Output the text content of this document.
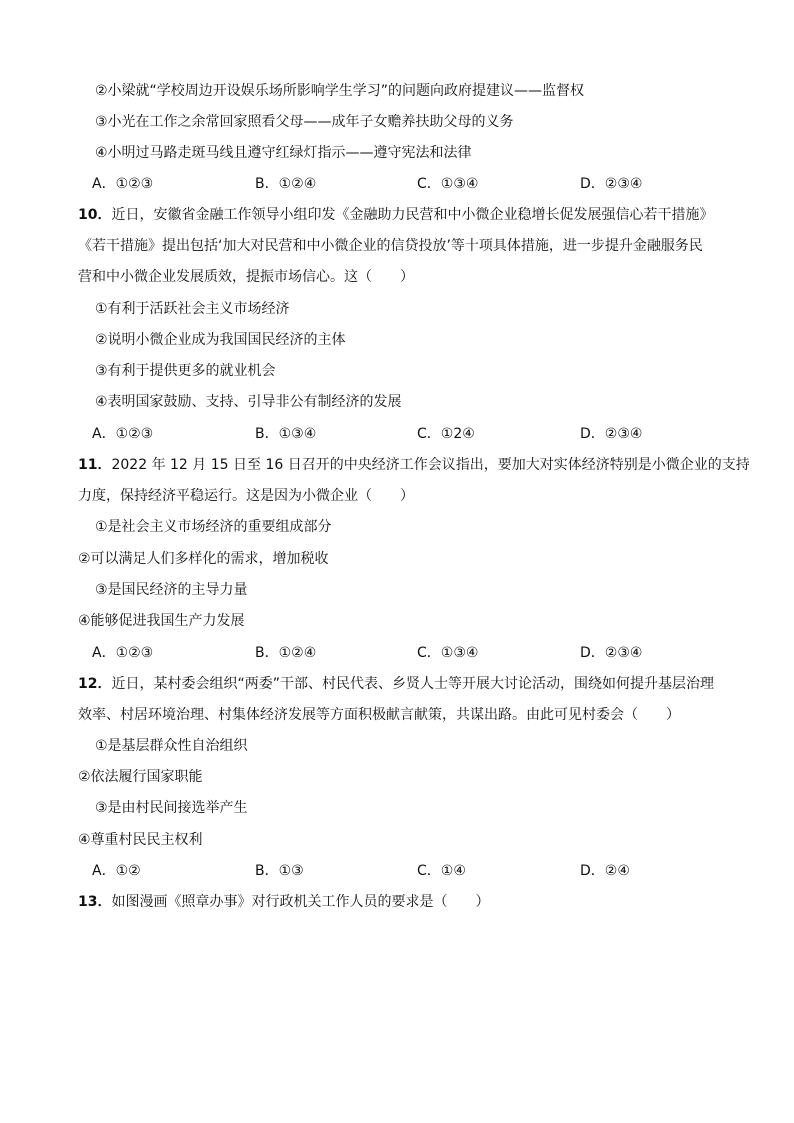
②小梁就“学校周边开设娱乐场所影响学生学习”的问题向政府提建议——监督权
③小光在工作之余常回家照看父母——成年子女赡养扶助父母的义务
④小明过马路走斑马线且遵守红绿灯指示——遵守宪法和法律
A．①②③	B．①②④	C．①③④	D．②③④
10．近日，安徽省金融工作领导小组印发《金融助力民营和中小微企业稳增长促发展强信心若干措施》
《若干措施》提出包括‘加大对民营和中小微企业的信贷投放’等十项具体措施，进一步提升金融服务民
营和中小微企业发展质效，提振市场信心。这（　　）
①有利于活跃社会主义市场经济
②说明小微企业成为我国国民经济的主体
③有利于提供更多的就业机会
④表明国家鼓励、支持、引导非公有制经济的发展
A．①②③	B．①③④	C．①2④	D．②③④
11．2022 年 12 月 15 日至 16 日召开的中央经济工作会议指出，要加大对实体经济特别是小微企业的支持
力度，保持经济平稳运行。这是因为小微企业（　　）
①是社会主义市场经济的重要组成部分
②可以满足人们多样化的需求，增加税收
③是国民经济的主导力量
④能够促进我国生产力发展
A．①②③	B．①②④	C．①③④	D．②③④
12．近日，某村委会组织“两委”干部、村民代表、乡贤人士等开展大讨论活动，围绕如何提升基层治理
效率、村居环境治理、村集体经济发展等方面积极献言献策，共谋出路。由此可见村委会（　　）
①是基层群众性自治组织
②依法履行国家职能
③是由村民间接选举产生
④尊重村民民主权利
A．①②	B．①③	C．①④	D．②④
13．如图漫画《照章办事》对行政机关工作人员的要求是（　　）
